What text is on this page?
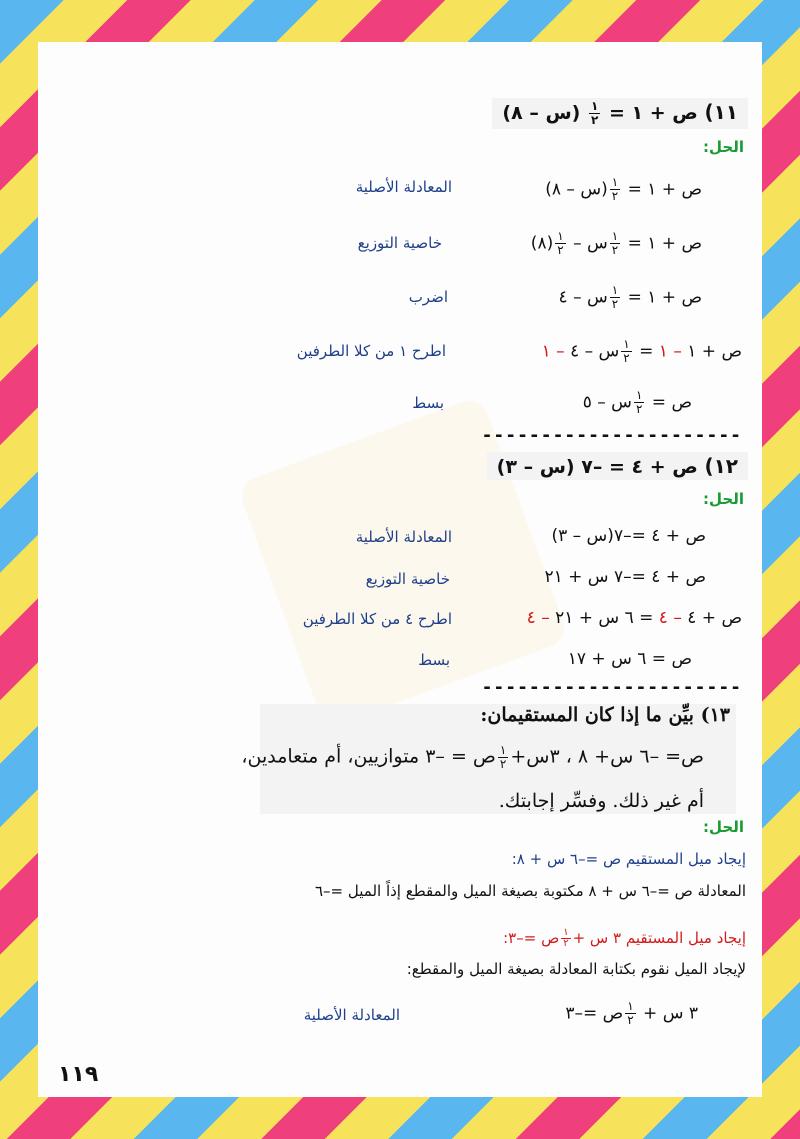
١١) ص + ١ =
$\frac{١}{٢}$
(س – ٨)
الحل:
ص + ١ =
$\frac{١}{٢}$
(س – ٨)
المعادلة الأصلية
ص + ١ =
$\frac{١}{٢}$
س –
$\frac{١}{٢}$
(٨)
خاصية التوزيع
ص + ١ =
$\frac{١}{٢}$
س – ٤
اضرب
ص + ١ – ١ =
$\frac{١}{٢}$
س – ٤ – ١
اطرح ١ من كلا الطرفين
ص =
$\frac{١}{٢}$
س – ٥
بسط
----------------------
١٢) ص + ٤ = –٧ (س – ٣)
الحل:
ص + ٤ =–٧(س – ٣)
المعادلة الأصلية
ص + ٤ =–٧ س + ٢١
خاصية التوزيع
ص + ٤ – ٤ = ٦ س + ٢١ – ٤
اطرح ٤ من كلا الطرفين
ص = ٦ س + ١٧
بسط
----------------------
١٣) بيِّن ما إذا كان المستقيمان:
ص= –٦ س+ ٨ ، ٣س+
$\frac{١}{٢}$
ص = –٣ متوازيين، أم متعامدين،
أم غير ذلك. وفسِّر إجابتك.
الحل:
إيجاد ميل المستقيم ص =–٦ س + ٨:
المعادلة ص =–٦ س + ٨ مكتوبة بصيغة الميل والمقطع إذاً الميل =–٦
إيجاد ميل المستقيم ٣ س +
$\frac{١}{٢}$
ص =–٣:
لإيجاد الميل نقوم بكتابة المعادلة بصيغة الميل والمقطع:
٣ س +
$\frac{١}{٢}$
ص =–٣
المعادلة الأصلية
١١٩
